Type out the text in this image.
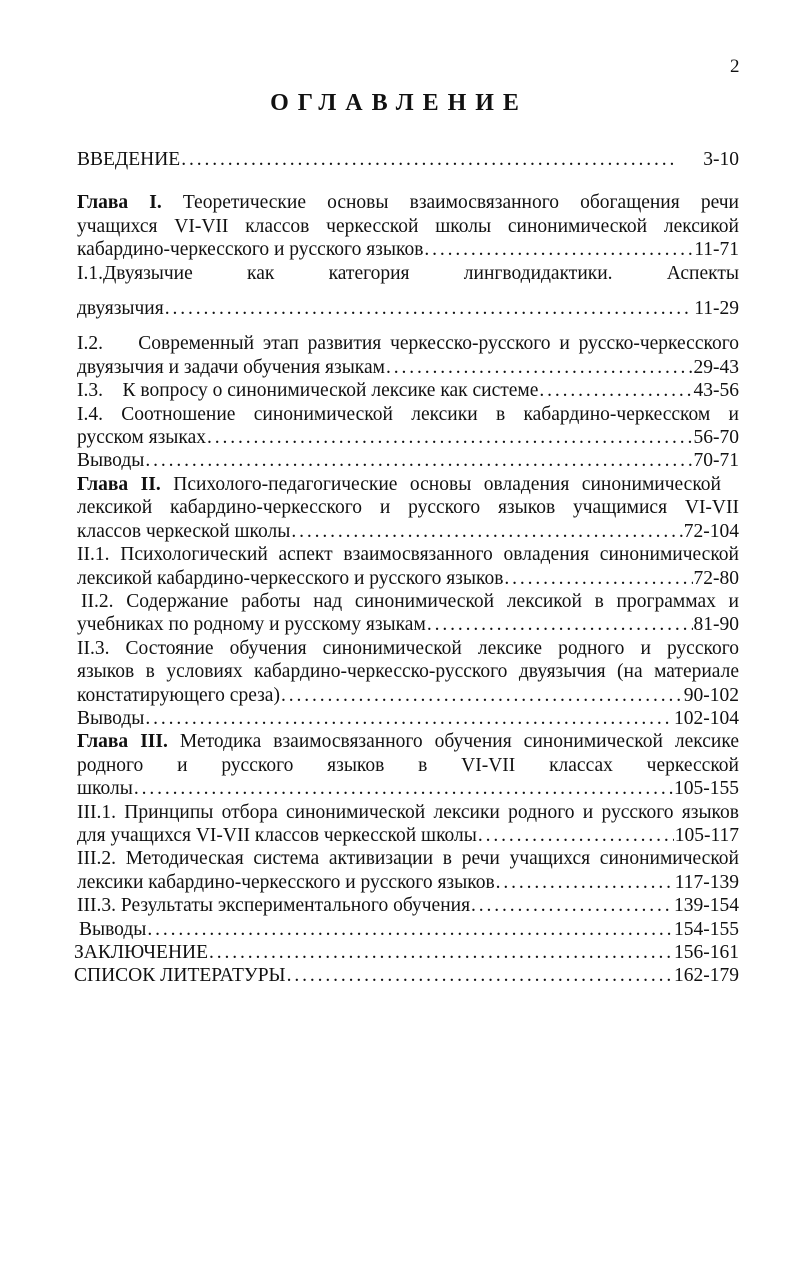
2
ОГЛАВЛЕНИЕ
ВВЕДЕНИЕ . . .	3-10
Глава I. Теоретические основы взаимосвязанного обогащения речи
учащихся VI-VII классов черкесской школы синонимической лексикой
кабардино-черкесского и русского языков . . .	11-71
I.1.Двуязычие как категория лингводидактики. Аспекты
двуязычия . . .	11-29
I.2.    Современный этап развития черкесско-русского и русско-черкесского
двуязычия и задачи обучения языкам . . .	29-43
I.3.    К вопросу о синонимической лексике как системе . . .	43-56
I.4. Соотношение синонимической лексики в кабардино-черкесском и
русском языках . . .	56-70
Выводы . . .	70-71
Глава II. Психолого-педагогические основы овладения синонимической
лексикой кабардино-черкесского и русского языков учащимися VI-VII
классов черкеской школы . . .	72-104
II.1. Психологический аспект взаимосвязанного овладения синонимической
лексикой кабардино-черкесского и русского языков . . .	72-80
II.2. Содержание работы над синонимической лексикой в программах и
учебниках по родному и русскому языкам . . .	81-90
II.3. Состояние обучения синонимической лексике родного и русского
языков в условиях кабардино-черкесско-русского двуязычия (на материале
констатирующего среза) . . .	90-102
Выводы . . .	102-104
Глава III. Методика взаимосвязанного обучения синонимической лексике
родного и русского языков в VI-VII классах черкесской
школы . . .	105-155
III.1. Принципы отбора синонимической лексики родного и русского языков
для учащихся VI-VII классов черкесской школы . . .	105-117
III.2. Методическая система активизации в речи учащихся синонимической
лексики кабардино-черкесского и русского языков . . .	117-139
III.3. Результаты экспериментального обучения . . .	139-154
Выводы . . .	154-155
ЗАКЛЮЧЕНИЕ . . .	156-161
СПИСОК ЛИТЕРАТУРЫ . . .	162-179
